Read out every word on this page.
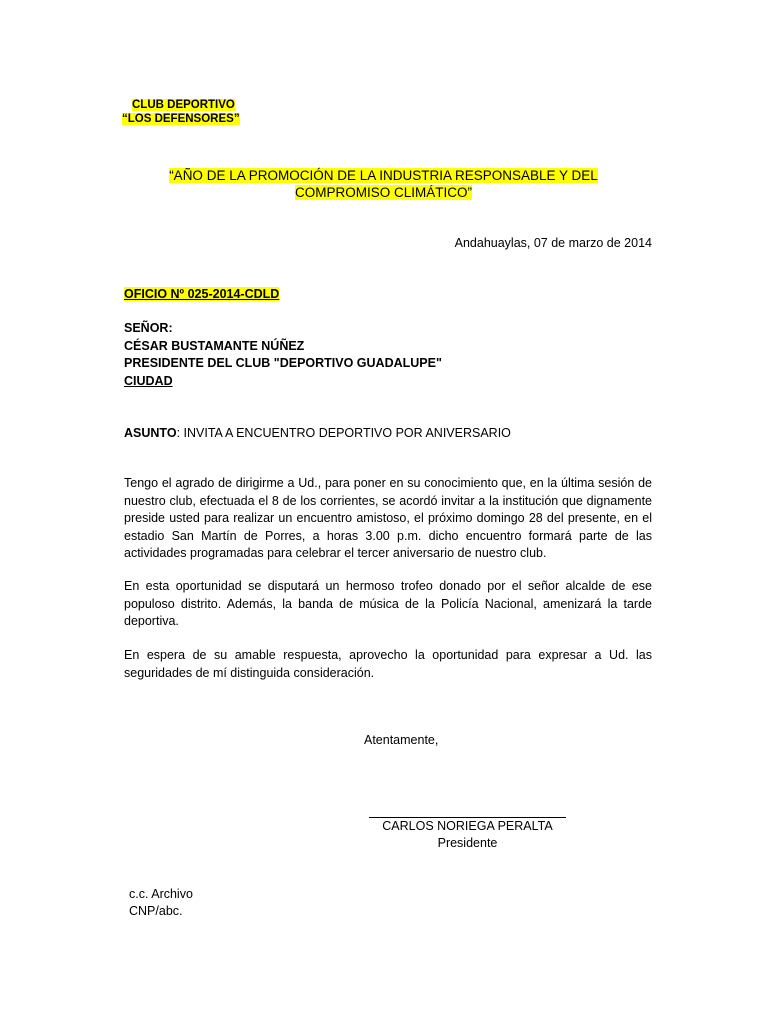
CLUB DEPORTIVO
“LOS DEFENSORES”
“AÑO DE LA PROMOCIÓN DE LA INDUSTRIA RESPONSABLE Y DEL COMPROMISO CLIMÁTICO”
Andahuaylas, 07 de marzo de 2014
OFICIO Nº 025-2014-CDLD
SEÑOR:
CÉSAR BUSTAMANTE NÚÑEZ
PRESIDENTE DEL CLUB "DEPORTIVO GUADALUPE"
CIUDAD
ASUNTO: INVITA A ENCUENTRO DEPORTIVO POR ANIVERSARIO
Tengo el agrado de dirigirme a Ud., para poner en su conocimiento que, en la última sesión de nuestro club, efectuada el 8 de los corrientes, se acordó invitar a la institución que dignamente preside usted para realizar un encuentro amistoso, el próximo domingo 28 del presente, en el estadio San Martín de Porres, a horas 3.00 p.m. dicho encuentro formará parte de las actividades programadas para celebrar el tercer aniversario de nuestro club.
En esta oportunidad se disputará un hermoso trofeo donado por el señor alcalde de ese populoso distrito. Además, la banda de música de la Policía Nacional, amenizará la tarde deportiva.
En espera de su amable respuesta, aprovecho la oportunidad para expresar a Ud. las seguridades de mí distinguida consideración.
Atentamente,
CARLOS NORIEGA PERALTA
Presidente
c.c. Archivo
CNP/abc.
